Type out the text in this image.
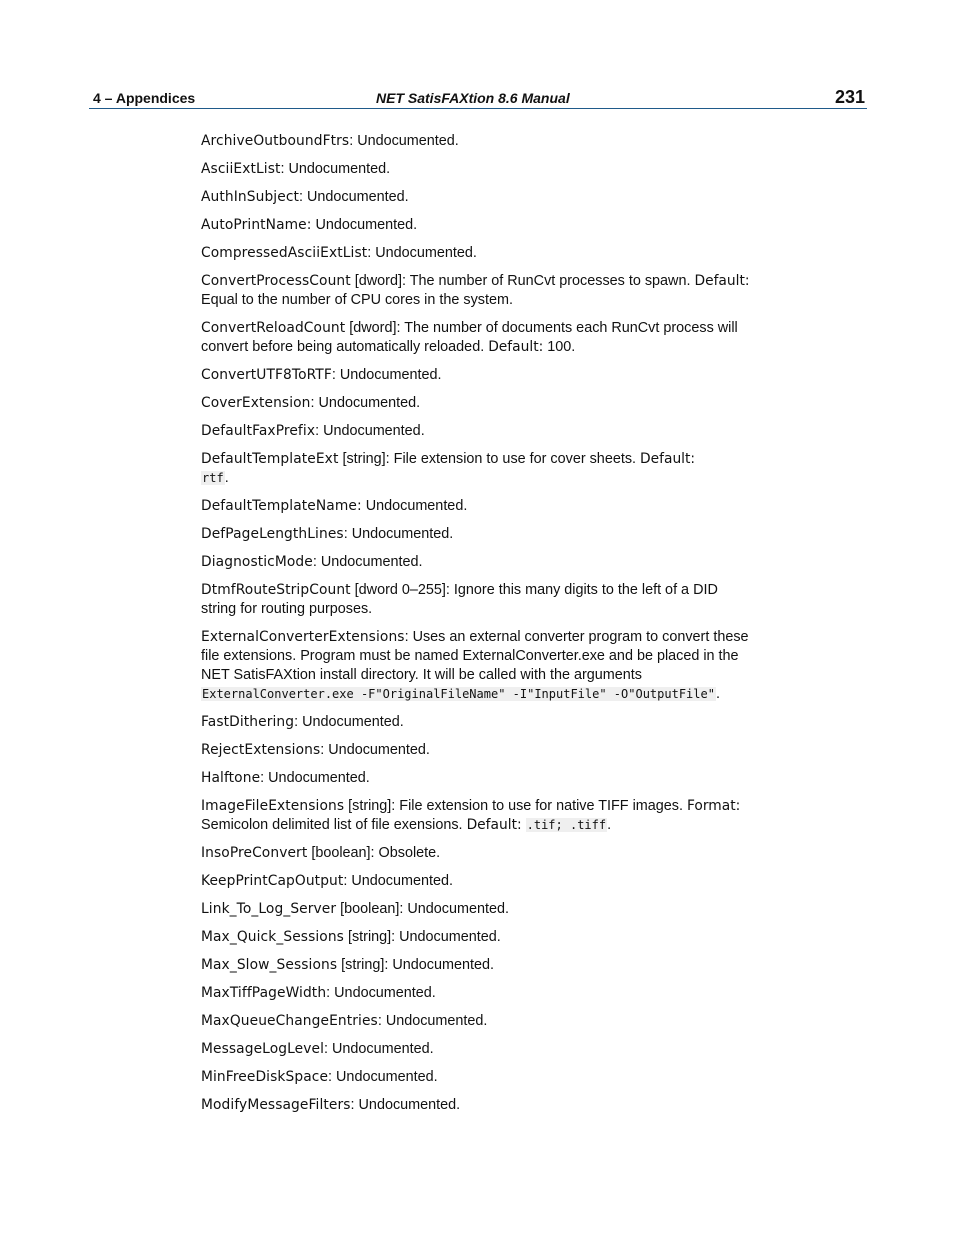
4 – Appendices	NET SatisFAXtion 8.6 Manual	231

ArchiveOutboundFtrs: Undocumented.

AsciiExtList: Undocumented.

AuthInSubject: Undocumented.

AutoPrintName: Undocumented.

CompressedAsciiExtList: Undocumented.

ConvertProcessCount [dword]: The number of RunCvt processes to spawn. Default: Equal to the number of CPU cores in the system.

ConvertReloadCount [dword]: The number of documents each RunCvt process will convert before being automatically reloaded. Default: 100.

ConvertUTF8ToRTF: Undocumented.

CoverExtension: Undocumented.

DefaultFaxPrefix: Undocumented.

DefaultTemplateExt [string]: File extension to use for cover sheets. Default:
rtf.

DefaultTemplateName: Undocumented.

DefPageLengthLines: Undocumented.

DiagnosticMode: Undocumented.

DtmfRouteStripCount [dword 0–255]: Ignore this many digits to the left of a DID string for routing purposes.

ExternalConverterExtensions: Uses an external converter program to convert these file extensions. Program must be named ExternalConverter.exe and be placed in the NET SatisFAXtion install directory. It will be called with the arguments ExternalConverter.exe -F"OriginalFileName" -I"InputFile" -O"OutputFile".

FastDithering: Undocumented.

RejectExtensions: Undocumented.

Halftone: Undocumented.

ImageFileExtensions [string]: File extension to use for native TIFF images. Format: Semicolon delimited list of file exensions. Default: .tif; .tiff.

InsoPreConvert [boolean]: Obsolete.

KeepPrintCapOutput: Undocumented.

Link_To_Log_Server [boolean]: Undocumented.

Max_Quick_Sessions [string]: Undocumented.

Max_Slow_Sessions [string]: Undocumented.

MaxTiffPageWidth: Undocumented.

MaxQueueChangeEntries: Undocumented.

MessageLogLevel: Undocumented.

MinFreeDiskSpace: Undocumented.

ModifyMessageFilters: Undocumented.
